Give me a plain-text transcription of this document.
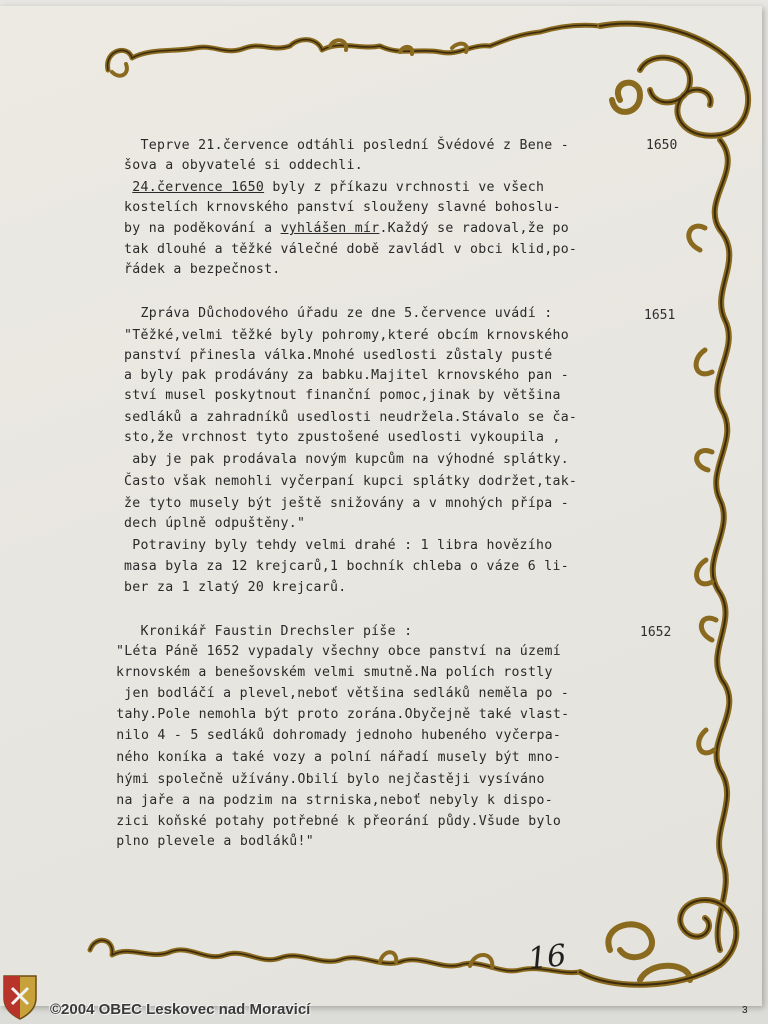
1650
Teprve 21.července odtáhli poslední Švédové z Bene -
šova a obyvatelé si oddechli.
24.července 1650 byly z příkazu vrchnosti ve všech
kostelích krnovského panství slouženy slavné bohoslu-
by na poděkování a vyhlášen mír.Každý se radoval,že po
tak dlouhé a těžké válečné době zavládl v obci klid,po-
řádek a bezpečnost.
1651
Zpráva Důchodového úřadu ze dne 5.července uvádí :
"Těžké,velmi těžké byly pohromy,které obcím krnovského
panství přinesla válka.Mnohé usedlosti zůstaly pusté
a byly pak prodávány za babku.Majitel krnovského pan -
ství musel poskytnout finanční pomoc,jinak by většina
sedláků a zahradníků usedlosti neudržela.Stávalo se ča-
sto,že vrchnost tyto zpustošené usedlosti vykoupila ,
aby je pak prodávala novým kupcům na výhodné splátky.
Často však nemohli vyčerpaní kupci splátky dodržet,tak-
že tyto musely být ještě snižovány a v mnohých přípa -
dech úplně odpuštěny."
Potraviny byly tehdy velmi drahé : 1 libra hovězího
masa byla za 12 krejcarů,1 bochník chleba o váze 6 li-
ber za 1 zlatý 20 krejcarů.
1652
Kronikář Faustin Drechsler píše :
"Léta Páně 1652 vypadaly všechny obce panství na území
krnovském a benešovském velmi smutně.Na polích rostly
jen bodláčí a plevel,neboť většina sedláků neměla po -
tahy.Pole nemohla být proto zorána.Obyčejně také vlast-
nilo 4 - 5 sedláků dohromady jednoho hubeného vyčerpa-
ného koníka a také vozy a polní nářadí musely být mno-
hými společně užívány.Obilí bylo nejčastěji vysíváno
na jaře a na podzim na strniska,neboť nebyly k dispo-
zici koňské potahy potřebné k přeorání půdy.Všude bylo
plno plevele a bodláků!"
16
©2004 OBEC Leskovec nad Moravicí	3
